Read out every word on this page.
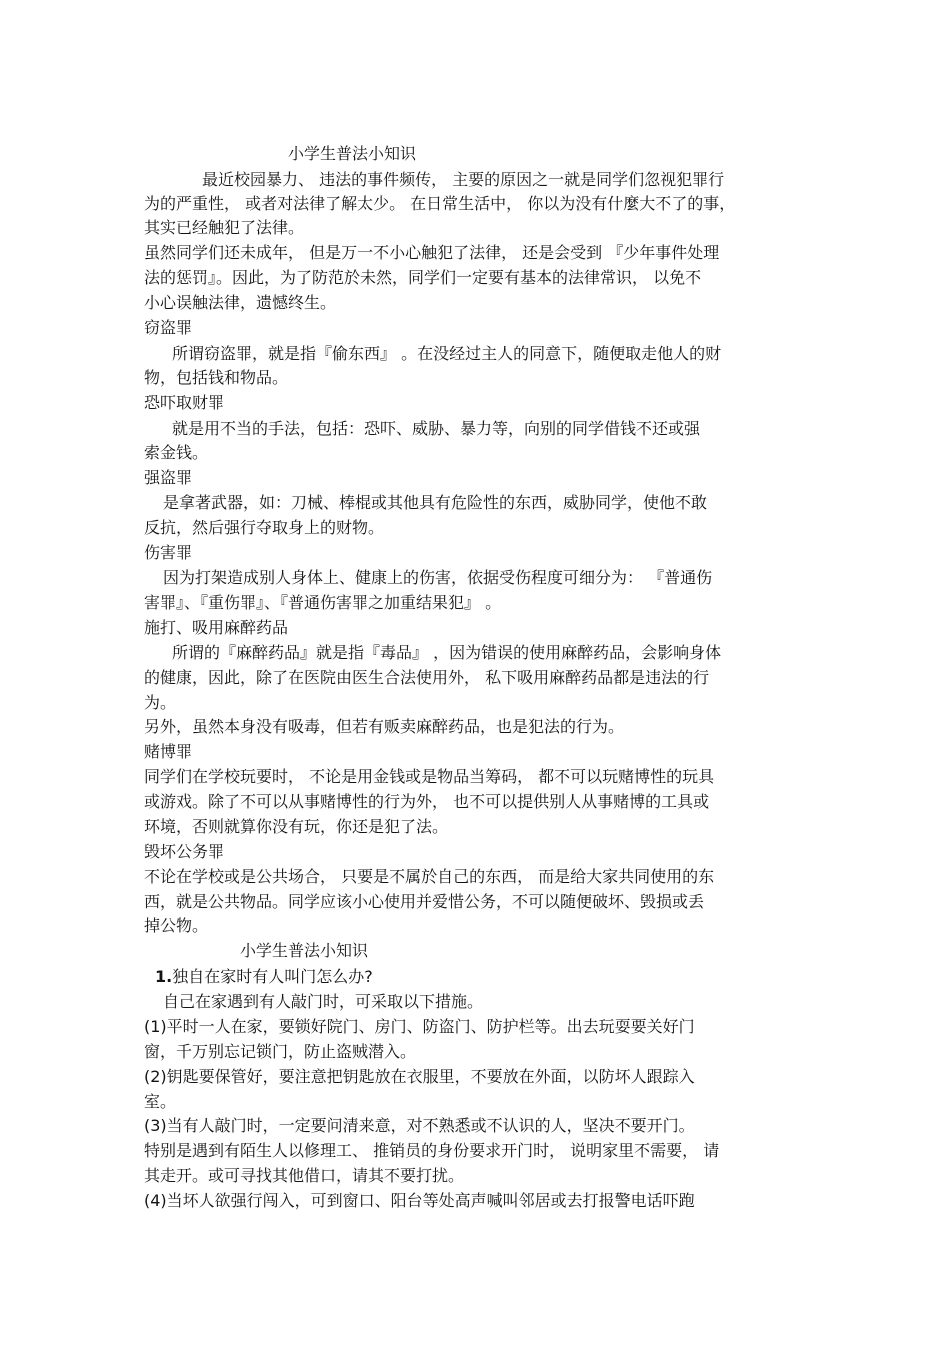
小学生普法小知识
最近校园暴力、 违法的事件频传， 主要的原因之一就是同学们忽视犯罪行
为的严重性， 或者对法律了解太少。 在日常生活中， 你以为没有什麼大不了的事，
其实已经触犯了法律。
虽然同学们还未成年， 但是万一不小心触犯了法律， 还是会受到 『少年事件处理
法的惩罚』。因此，为了防范於未然，同学们一定要有基本的法律常识， 以免不
小心误触法律，遗憾终生。
窃盗罪
所谓窃盗罪，就是指『偷东西』 。在没经过主人的同意下，随便取走他人的财
物，包括钱和物品。
恐吓取财罪
就是用不当的手法，包括：恐吓、威胁、暴力等，向别的同学借钱不还或强
索金钱。
强盗罪
是拿著武器，如：刀械、棒棍或其他具有危险性的东西，威胁同学，使他不敢
反抗，然后强行夺取身上的财物。
伤害罪
因为打架造成别人身体上、健康上的伤害，依据受伤程度可细分为： 『普通伤
害罪』、『重伤罪』、『普通伤害罪之加重结果犯』 。
施打、吸用麻醉药品
所谓的『麻醉药品』就是指『毒品』 ，因为错误的使用麻醉药品，会影响身体
的健康，因此，除了在医院由医生合法使用外， 私下吸用麻醉药品都是违法的行
为。
另外，虽然本身没有吸毒，但若有贩卖麻醉药品，也是犯法的行为。
赌博罪
同学们在学校玩要时， 不论是用金钱或是物品当筹码， 都不可以玩赌博性的玩具
或游戏。除了不可以从事赌博性的行为外， 也不可以提供别人从事赌博的工具或
环境，否则就算你没有玩，你还是犯了法。
毁坏公务罪
不论在学校或是公共场合， 只要是不属於自己的东西， 而是给大家共同使用的东
西，就是公共物品。同学应该小心使用并爱惜公务，不可以随便破坏、毁损或丢
掉公物。
小学生普法小知识
1.独自在家时有人叫门怎么办?
自己在家遇到有人敲门时，可采取以下措施。
(1)平时一人在家，要锁好院门、房门、防盗门、防护栏等。出去玩耍要关好门
窗，千万别忘记锁门，防止盗贼潜入。
(2)钥匙要保管好，要注意把钥匙放在衣服里，不要放在外面，以防坏人跟踪入
室。
(3)当有人敲门时，一定要问清来意，对不熟悉或不认识的人，坚决不要开门。
特别是遇到有陌生人以修理工、 推销员的身份要求开门时， 说明家里不需要， 请
其走开。或可寻找其他借口，请其不要打扰。
(4)当坏人欲强行闯入，可到窗口、阳台等处高声喊叫邻居或去打报警电话吓跑
